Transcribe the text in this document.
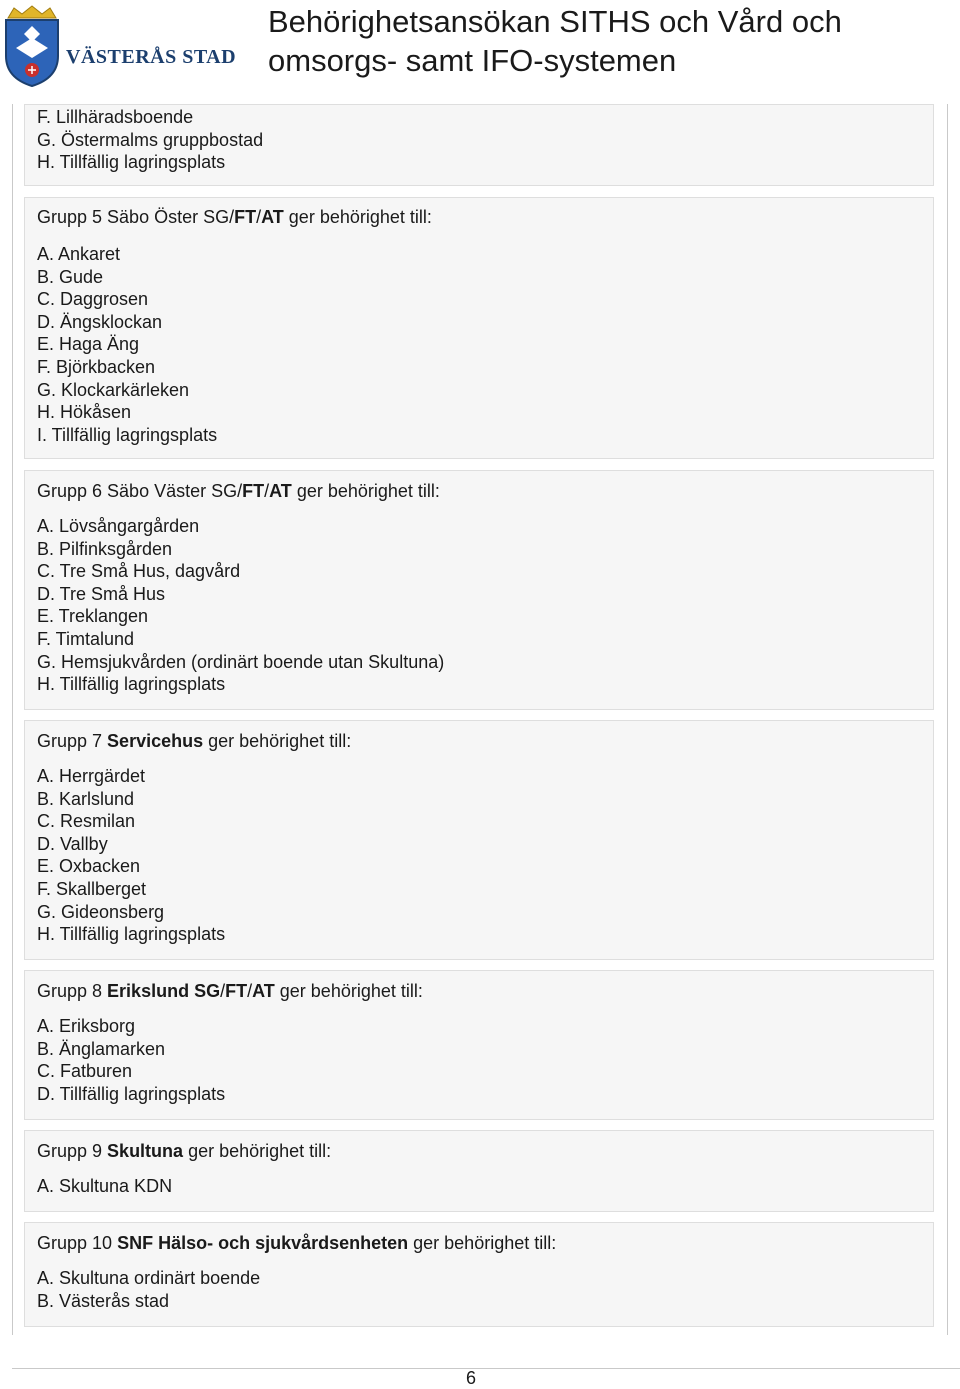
VÄSTERÅS STAD
Behörighetsansökan SITHS och Vård och
omsorgs- samt IFO-systemen
F. Lillhäradsboende
G. Östermalms gruppbostad
H. Tillfällig lagringsplats
Grupp 5 Säbo Öster SG/FT/AT ger behörighet till:
A. Ankaret
B. Gude
C. Daggrosen
D. Ängsklockan
E. Haga Äng
F. Björkbacken
G. Klockarkärleken
H. Hökåsen
I. Tillfällig lagringsplats
Grupp 6 Säbo Väster SG/FT/AT ger behörighet till:
A. Lövsångargården
B. Pilfinksgården
C. Tre Små Hus, dagvård
D. Tre Små Hus
E. Treklangen
F. Timtalund
G. Hemsjukvården (ordinärt boende utan Skultuna)
H. Tillfällig lagringsplats
Grupp 7 Servicehus ger behörighet till:
A. Herrgärdet
B. Karlslund
C. Resmilan
D. Vallby
E. Oxbacken
F. Skallberget
G. Gideonsberg
H. Tillfällig lagringsplats
Grupp 8 Erikslund SG/FT/AT ger behörighet till:
A. Eriksborg
B. Änglamarken
C. Fatburen
D. Tillfällig lagringsplats
Grupp 9 Skultuna ger behörighet till:
A. Skultuna KDN
Grupp 10 SNF Hälso- och sjukvårdsenheten ger behörighet till:
A. Skultuna ordinärt boende
B. Västerås stad
6
